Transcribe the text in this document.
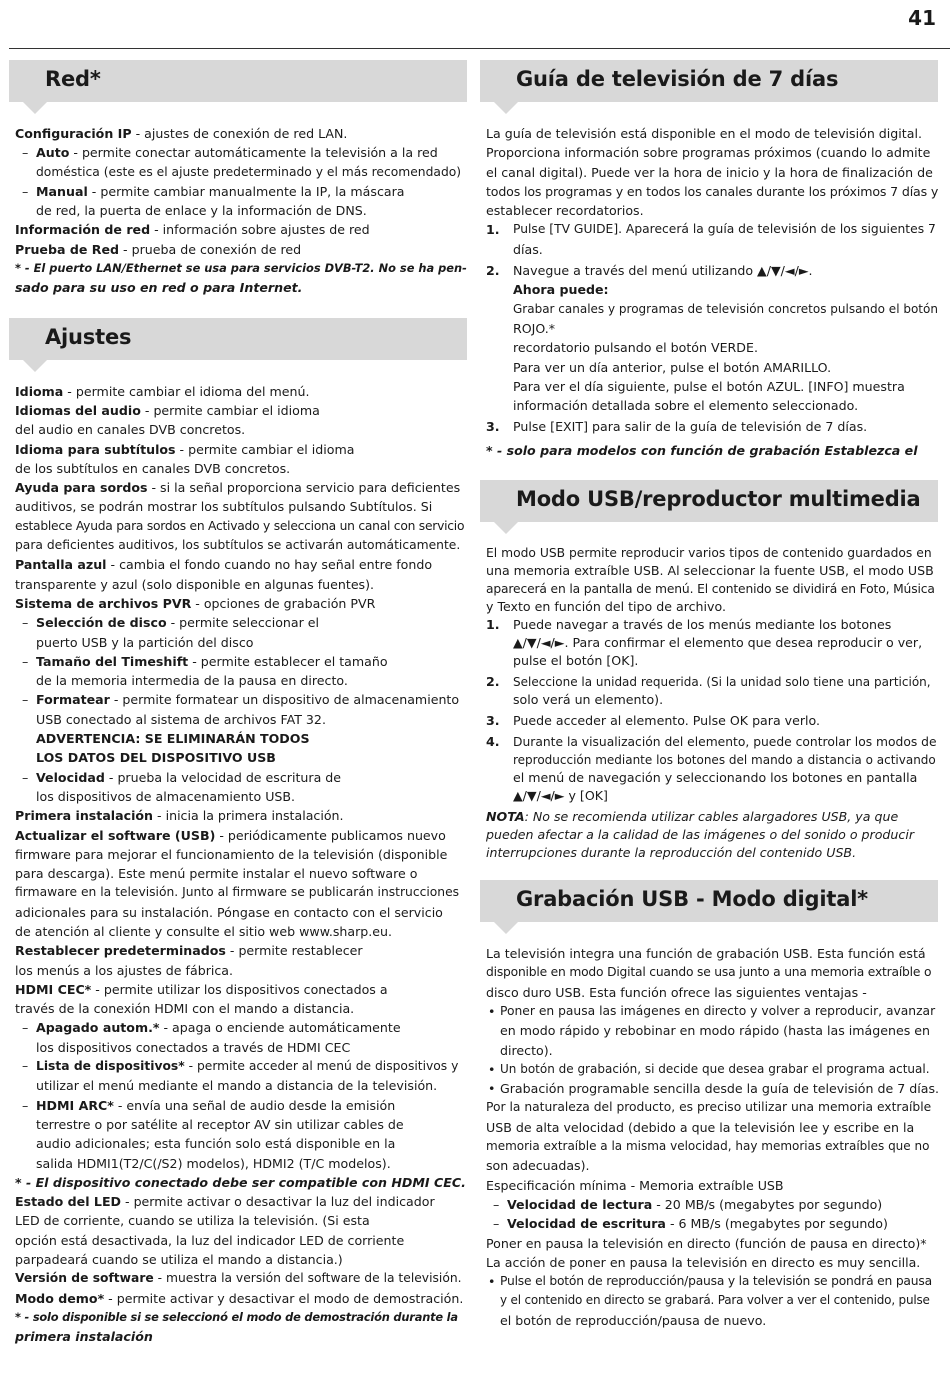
41
Red*
Configuración IP - ajustes de conexión de red LAN.
– Auto - permite conectar automáticamente la televisión a la red
doméstica (este es el ajuste predeterminado y el más recomendado)
– Manual - permite cambiar manualmente la IP, la máscara
de red, la puerta de enlace y la información de DNS.
Información de red - información sobre ajustes de red
Prueba de Red - prueba de conexión de red
* - El puerto LAN/Ethernet se usa para servicios DVB-T2. No se ha pen-
sado para su uso en red o para Internet.
Ajustes
Idioma - permite cambiar el idioma del menú.
Idiomas del audio - permite cambiar el idioma
del audio en canales DVB concretos.
Idioma para subtítulos - permite cambiar el idioma
de los subtítulos en canales DVB concretos.
Ayuda para sordos - si la señal proporciona servicio para deficientes
auditivos, se podrán mostrar los subtítulos pulsando Subtítulos. Si
establece Ayuda para sordos en Activado y selecciona un canal con servicio
para deficientes auditivos, los subtítulos se activarán automáticamente.
Pantalla azul - cambia el fondo cuando no hay señal entre fondo
transparente y azul (solo disponible en algunas fuentes).
Sistema de archivos PVR - opciones de grabación PVR
– Selección de disco - permite seleccionar el
puerto USB y la partición del disco
– Tamaño del Timeshift - permite establecer el tamaño
de la memoria intermedia de la pausa en directo.
– Formatear - permite formatear un dispositivo de almacenamiento
USB conectado al sistema de archivos FAT 32.
ADVERTENCIA: SE ELIMINARÁN TODOS
LOS DATOS DEL DISPOSITIVO USB
– Velocidad - prueba la velocidad de escritura de
los dispositivos de almacenamiento USB.
Primera instalación - inicia la primera instalación.
Actualizar el software (USB) - periódicamente publicamos nuevo
firmware para mejorar el funcionamiento de la televisión (disponible
para descarga). Este menú permite instalar el nuevo software o
firmaware en la televisión. Junto al firmware se publicarán instrucciones
adicionales para su instalación. Póngase en contacto con el servicio
de atención al cliente y consulte el sitio web www.sharp.eu.
Restablecer predeterminados - permite restablecer
los menús a los ajustes de fábrica.
HDMI CEC* - permite utilizar los dispositivos conectados a
través de la conexión HDMI con el mando a distancia.
– Apagado autom.* - apaga o enciende automáticamente
los dispositivos conectados a través de HDMI CEC
– Lista de dispositivos* - permite acceder al menú de dispositivos y
utilizar el menú mediante el mando a distancia de la televisión.
– HDMI ARC* - envía una señal de audio desde la emisión
terrestre o por satélite al receptor AV sin utilizar cables de
audio adicionales; esta función solo está disponible en la
salida HDMI1(T2/C(/S2) modelos), HDMI2 (T/C modelos).
* - El dispositivo conectado debe ser compatible con HDMI CEC.
Estado del LED - permite activar o desactivar la luz del indicador
LED de corriente, cuando se utiliza la televisión. (Si esta
opción está desactivada, la luz del indicador LED de corriente
parpadeará cuando se utiliza el mando a distancia.)
Versión de software - muestra la versión del software de la televisión.
Modo demo* - permite activar y desactivar el modo de demostración.
* - solo disponible si se seleccionó el modo de demostración durante la
primera instalación
Guía de televisión de 7 días
La guía de televisión está disponible en el modo de televisión digital.
Proporciona información sobre programas próximos (cuando lo admite
el canal digital). Puede ver la hora de inicio y la hora de finalización de
todos los programas y en todos los canales durante los próximos 7 días y
establecer recordatorios.
1. Pulse [TV GUIDE]. Aparecerá la guía de televisión de los siguientes 7
días.
2. Navegue a través del menú utilizando ▲/▼/◄/►.
Ahora puede:
Grabar canales y programas de televisión concretos pulsando el botón
ROJO.*
recordatorio pulsando el botón VERDE.
Para ver un día anterior, pulse el botón AMARILLO.
Para ver el día siguiente, pulse el botón AZUL. [INFO] muestra
información detallada sobre el elemento seleccionado.
3. Pulse [EXIT] para salir de la guía de televisión de 7 días.
* - solo para modelos con función de grabación Establezca el
Modo USB/reproductor multimedia
El modo USB permite reproducir varios tipos de contenido guardados en
una memoria extraíble USB. Al seleccionar la fuente USB, el modo USB
aparecerá en la pantalla de menú. El contenido se dividirá en Foto, Música
y Texto en función del tipo de archivo.
1. Puede navegar a través de los menús mediante los botones
▲/▼/◄/►. Para confirmar el elemento que desea reproducir o ver,
pulse el botón [OK].
2. Seleccione la unidad requerida. (Si la unidad solo tiene una partición,
solo verá un elemento).
3. Puede acceder al elemento. Pulse OK para verlo.
4. Durante la visualización del elemento, puede controlar los modos de
reproducción mediante los botones del mando a distancia o activando
el menú de navegación y seleccionando los botones en pantalla
▲/▼/◄/► y [OK]
NOTA: No se recomienda utilizar cables alargadores USB, ya que
pueden afectar a la calidad de las imágenes o del sonido o producir
interrupciones durante la reproducción del contenido USB.
Grabación USB - Modo digital*
La televisión integra una función de grabación USB. Esta función está
disponible en modo Digital cuando se usa junto a una memoria extraíble o
disco duro USB. Esta función ofrece las siguientes ventajas -
• Poner en pausa las imágenes en directo y volver a reproducir, avanzar
en modo rápido y rebobinar en modo rápido (hasta las imágenes en
directo).
• Un botón de grabación, si decide que desea grabar el programa actual.
• Grabación programable sencilla desde la guía de televisión de 7 días.
Por la naturaleza del producto, es preciso utilizar una memoria extraíble
USB de alta velocidad (debido a que la televisión lee y escribe en la
memoria extraíble a la misma velocidad, hay memorias extraíbles que no
son adecuadas).
Especificación mínima - Memoria extraíble USB
– Velocidad de lectura - 20 MB/s (megabytes por segundo)
– Velocidad de escritura - 6 MB/s (megabytes por segundo)
Poner en pausa la televisión en directo (función de pausa en directo)*
La acción de poner en pausa la televisión en directo es muy sencilla.
• Pulse el botón de reproducción/pausa y la televisión se pondrá en pausa
y el contenido en directo se grabará. Para volver a ver el contenido, pulse
el botón de reproducción/pausa de nuevo.
